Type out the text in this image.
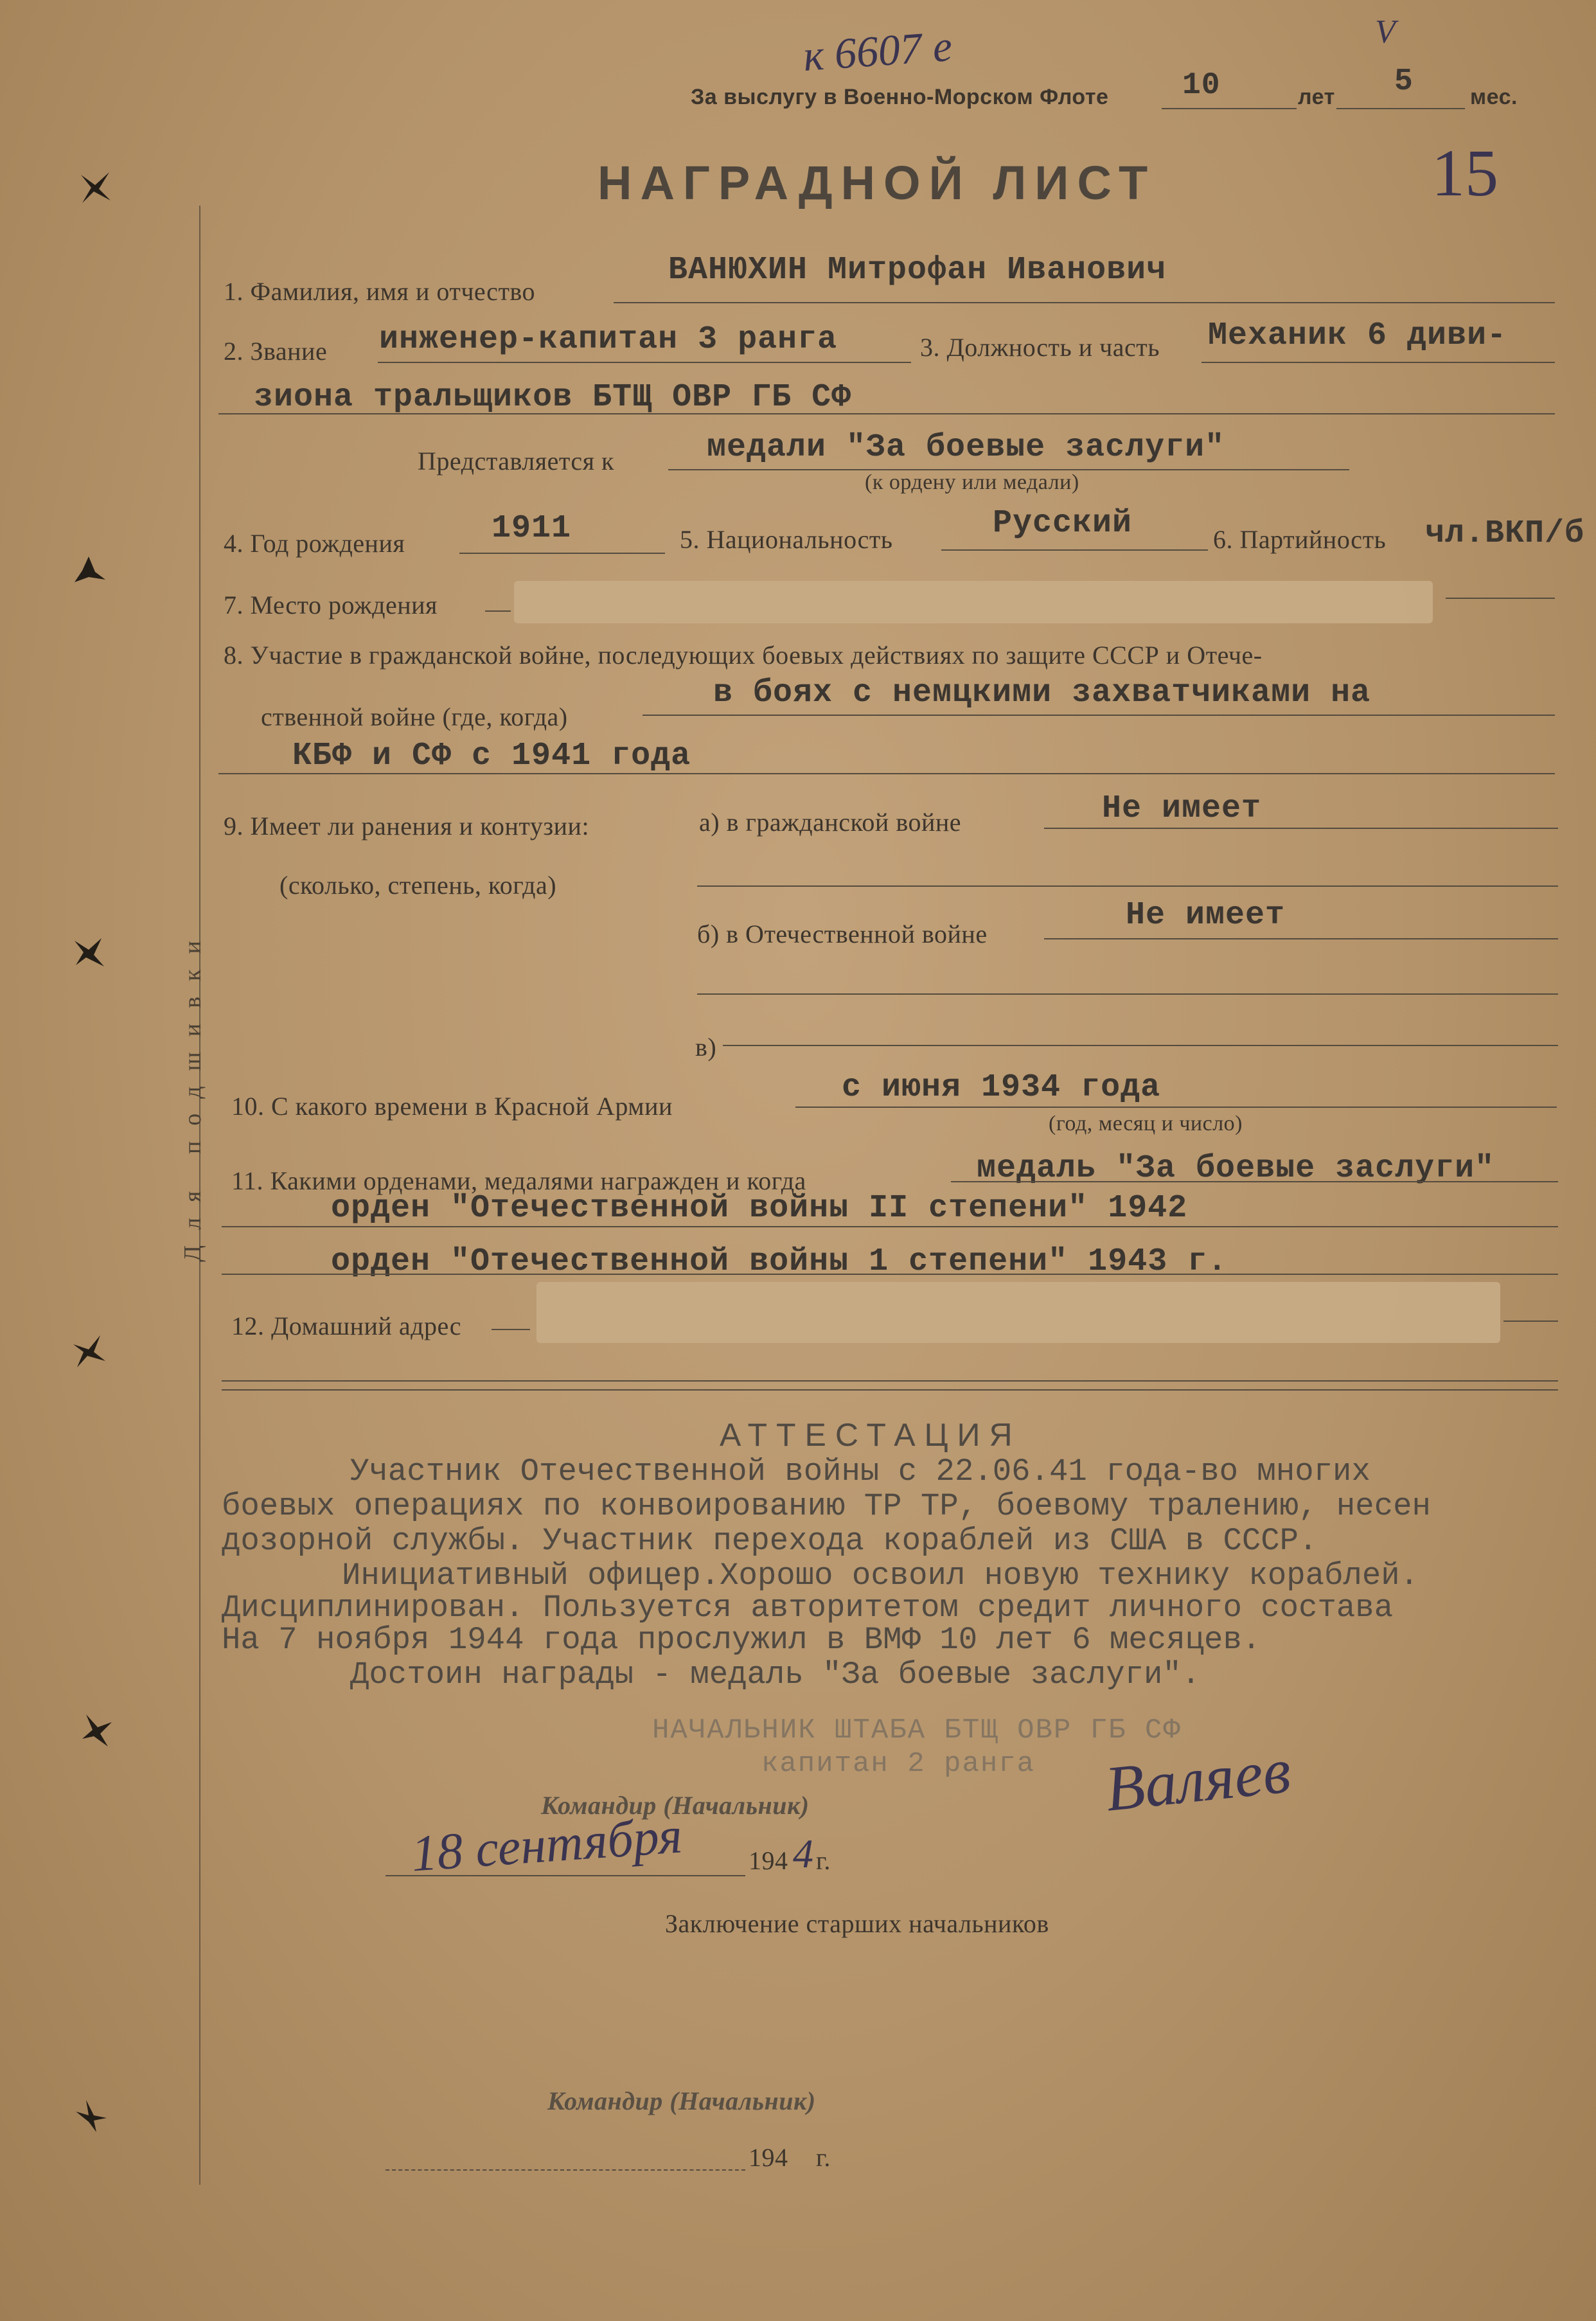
Для подшивки
к 6607 е	V
За выслугу в Военно-Морском Флоте 10	лет 5	мес.
15
НАГРАДНОЙ ЛИСТ
1. Фамилия, имя и отчество
ВАНЮХИН Митрофан Иванович
2. Звание инженер-капитан 3 ранга	3. Должность и часть Механик 6 диви-
зиона тральщиков БТЩ ОВР ГБ СФ
Представляется к	медали "За боевые заслуги"
(к ордену или медали)
4. Год рождения	1911	5. Национальность	Русский	6. Партийность чл.ВКП/б
7. Место рождения
8. Участие в гражданской войне, последующих боевых действиях по защите СССР и Отече-
ственной войне (где, когда)
в боях с немцкими захватчиками на
КБФ и СФ с 1941 года
9. Имеет ли ранения и контузии:	а) в гражданской войне	Не имеет
(сколько, степень, когда)
б) в Отечественной войне
Не имеет
в)
10. С какого времени в Красной Армии
с июня 1934 года
(год, месяц и число)
11. Какими орденами, медалями награжден и когда	медаль "За боевые заслуги"
орден "Отечественной войны II степени" 1942
орден "Отечественной войны 1 степени" 1943 г.
12. Домашний адрес
АТТЕСТАЦИЯ
Участник Отечественной войны с 22.06.41 года-во многих
боевых операциях по конвоированию ТР ТР, боевому тралению, несен
дозорной службы. Участник перехода кораблей из США в СССР.
Инициативный офицер.Хорошо освоил новую технику кораблей.
Дисциплинирован. Пользуется авторитетом средит личного состава
На 7 ноября 1944 года прослужил в ВМФ 10 лет 6 месяцев.
Достоин награды - медаль "За боевые заслуги".
НАЧАЛЬНИК ШТАБА БТЩ ОВР ГБ СФ
капитан 2 ранга
Командир (Начальник)	Валяев
18 сентября	194 4 г.
Заключение старших начальников
Командир (Начальник)
194 г.
